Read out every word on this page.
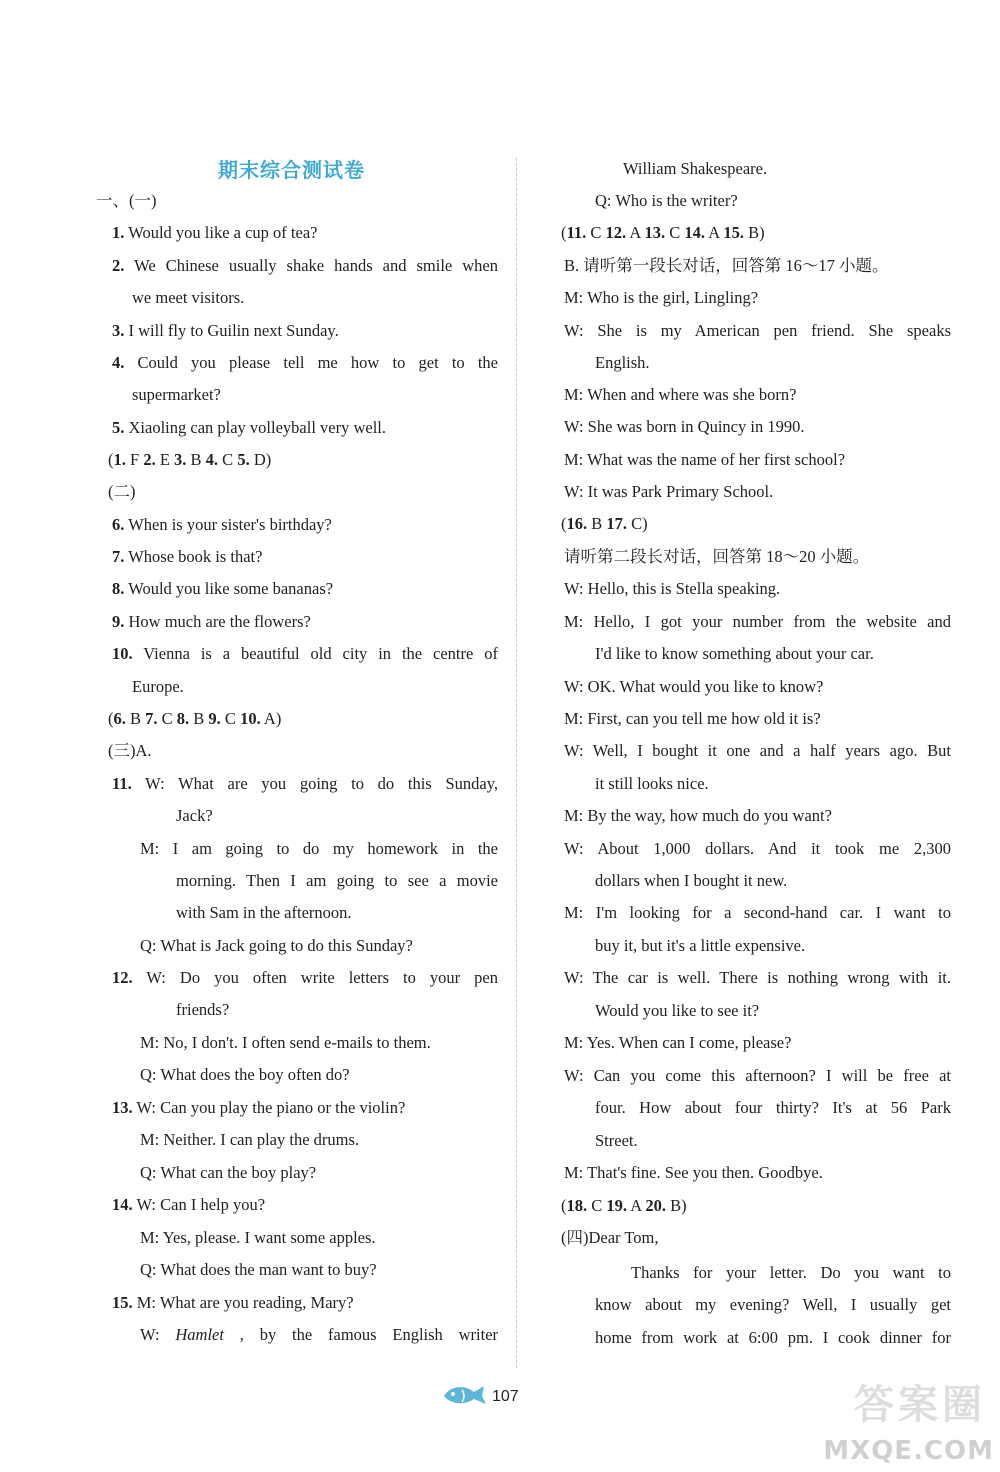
期末综合测试卷
一、(一)
1. Would you like a cup of tea?
2. We Chinese usually shake hands and smile when
we meet visitors.
3. I will fly to Guilin next Sunday.
4. Could you please tell me how to get to the
supermarket?
5. Xiaoling can play volleyball very well.
(1. F 2. E 3. B 4. C 5. D)
(二)
6. When is your sister's birthday?
7. Whose book is that?
8. Would you like some bananas?
9. How much are the flowers?
10. Vienna is a beautiful old city in the centre of
Europe.
(6. B 7. C 8. B 9. C 10. A)
(三)A.
11. W: What are you going to do this Sunday,
Jack?
M: I am going to do my homework in the
morning. Then I am going to see a movie
with Sam in the afternoon.
Q: What is Jack going to do this Sunday?
12. W: Do you often write letters to your pen
friends?
M: No, I don't. I often send e-mails to them.
Q: What does the boy often do?
13. W: Can you play the piano or the violin?
M: Neither. I can play the drums.
Q: What can the boy play?
14. W: Can I help you?
M: Yes, please. I want some apples.
Q: What does the man want to buy?
15. M: What are you reading, Mary?
W: Hamlet , by the famous English writer
William Shakespeare.
Q: Who is the writer?
(11. C 12. A 13. C 14. A 15. B)
B. 请听第一段长对话，回答第 16～17 小题。
M: Who is the girl, Lingling?
W: She is my American pen friend. She speaks
English.
M: When and where was she born?
W: She was born in Quincy in 1990.
M: What was the name of her first school?
W: It was Park Primary School.
(16. B 17. C)
请听第二段长对话，回答第 18～20 小题。
W: Hello, this is Stella speaking.
M: Hello, I got your number from the website and
I'd like to know something about your car.
W: OK. What would you like to know?
M: First, can you tell me how old it is?
W: Well, I bought it one and a half years ago. But
it still looks nice.
M: By the way, how much do you want?
W: About 1,000 dollars. And it took me 2,300
dollars when I bought it new.
M: I'm looking for a second-hand car. I want to
buy it, but it's a little expensive.
W: The car is well. There is nothing wrong with it.
Would you like to see it?
M: Yes. When can I come, please?
W: Can you come this afternoon? I will be free at
four. How about four thirty? It's at 56 Park
Street.
M: That's fine. See you then. Goodbye.
(18. C 19. A 20. B)
(四)Dear Tom,
Thanks for your letter. Do you want to
know about my evening? Well, I usually get
home from work at 6:00 pm. I cook dinner for
107	答案圈
MXQE.COM
